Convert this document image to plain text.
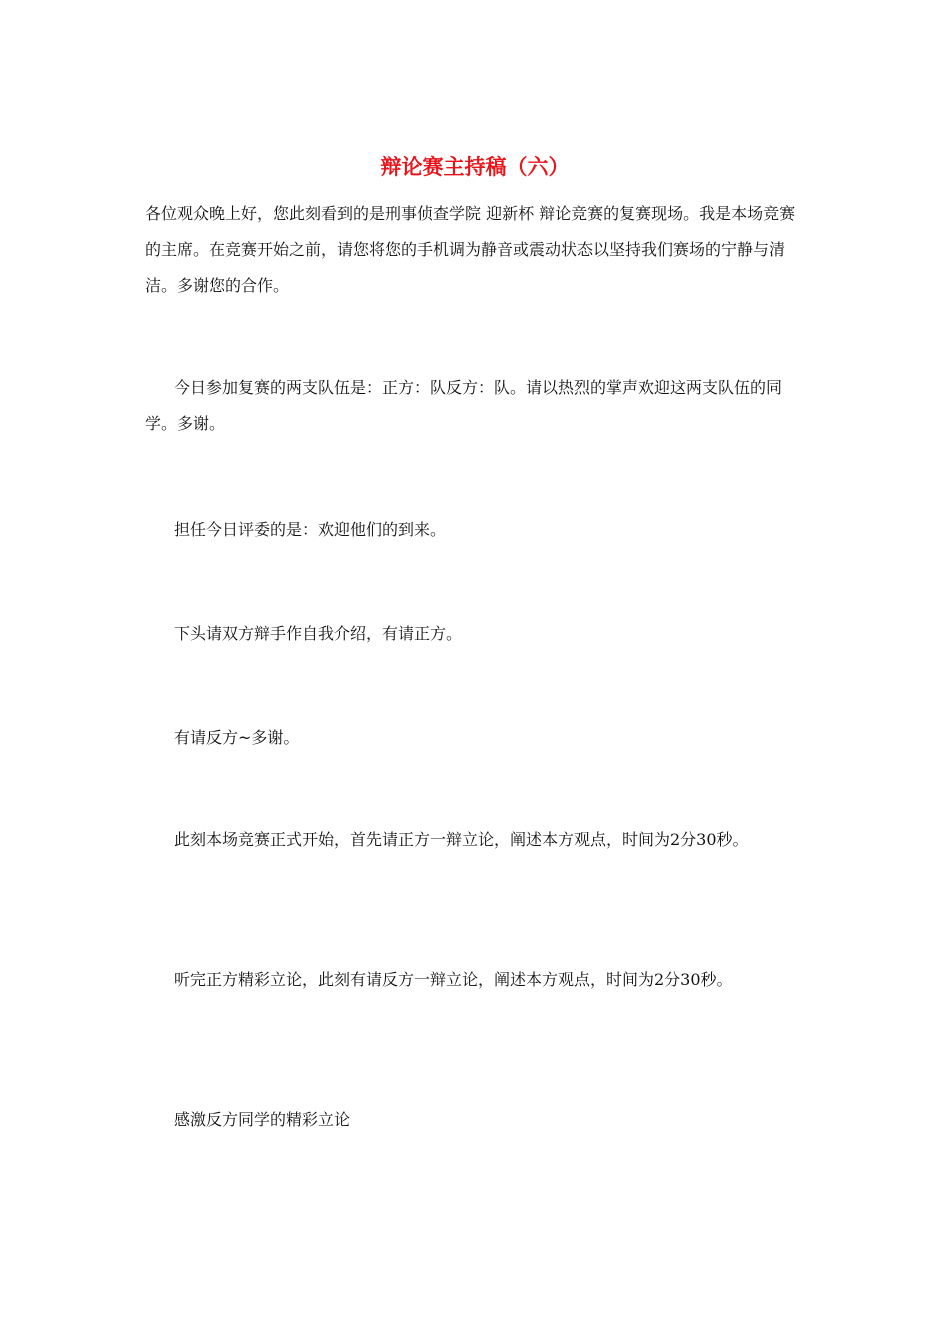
辩论赛主持稿（六）

各位观众晚上好，您此刻看到的是刑事侦查学院 迎新杯 辩论竞赛的复赛现场。我是本场竞赛的主席。在竞赛开始之前，请您将您的手机调为静音或震动状态以坚持我们赛场的宁静与清洁。多谢您的合作。

今日参加复赛的两支队伍是：正方：队反方：队。请以热烈的掌声欢迎这两支队伍的同学。多谢。

担任今日评委的是：欢迎他们的到来。

下头请双方辩手作自我介绍，有请正方。

有请反方~多谢。

此刻本场竞赛正式开始，首先请正方一辩立论，阐述本方观点，时间为2分30秒。

听完正方精彩立论，此刻有请反方一辩立论，阐述本方观点，时间为2分30秒。

感激反方同学的精彩立论
